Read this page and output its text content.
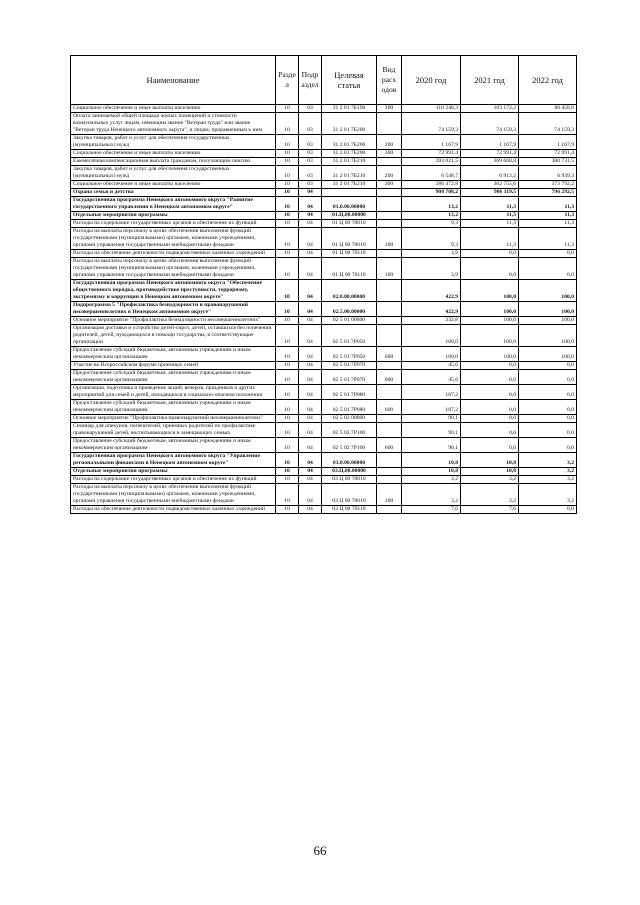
Наименование	Разде л	Подр аздел	Целевая статья	Вид расх одов	2020 год	2021 год	2022 год
Социальное обеспечение и иные выплаты населению	10	03	31 2 01 7Б190	300	110 248,3	103 172,2	80 458,6
Оплата занимаемой общей площади жилых помещений и стоимости коммунальных услуг лицам, имеющим звание "Ветеран труда" или звание "Ветеран труда Ненецкого автономного округа", и лицам, приравненным к ним	10	03	31 2 01 7Б200		74 159,3	74 159,3	74 159,3
Закупка товаров, работ и услуг для обеспечения государственных (муниципальных) нужд	10	03	31 2 01 7Б200	200	1 167,9	1 167,9	1 167,9
Социальное обеспечение и иные выплаты населению	10	03	31 2 01 7Б200	300	72 991,4	72 991,4	72 991,4
Ежемесячная компенсационная выплата гражданам, получающим пенсию	10	03	31 2 01 7Б210		393 021,5	369 668,8	380 731,5
Закупка товаров, работ и услуг для обеспечения государственных (муниципальных) нужд	10	03	31 2 01 7Б210	200	6 548,7	6 913,2	6 939,3
Социальное обеспечение и иные выплаты населению	10	03	31 2 01 7Б210	300	386 472,8	362 755,6	373 792,2
Охрана семьи и детства	10	04			908 708,2	906 119,5	796 292,5
Государственная программа Ненецкого автономного округа "Развитие государственного управления в Ненецком автономном округе"	10	04	01.0.00.00000		13,2	11,3	11,3
Отдельные мероприятия программы	10	04	01.Ц.00.00000		13,2	11,3	11,3
Расходы на содержание государственных органов и обеспечение их функций	10	04	01 Ц 00 70010		9,3	11,3	11,3
Расходы на выплаты персоналу в целях обеспечения выполнения функций государственными (муниципальными) органами, казенными учреждениями, органами управления государственными внебюджетными фондами	10	04	01 Ц 00 70010	100	9,3	11,3	11,3
Расходы на обеспечение деятельности подведомственных казенных учреждений	10	04	01 Ц 00 70110		3,9	0,0	0,0
Расходы на выплаты персоналу в целях обеспечения выполнения функций государственными (муниципальными) органами, казенными учреждениями, органами управления государственными внебюджетными фондами	10	04	01 Ц 00 70110	100	3,9	0,0	0,0
Государственная программа Ненецкого автономного округа "Обеспечение общественного порядка, противодействие преступности, терроризму, экстремизму и коррупции в Ненецком автономном округе"	10	04	02.0.00.00000		422,9	100,0	100,0
Подпрограмма 5 "Профилактика безнадзорности и правонарушений несовершеннолетних в Ненецком автономном округе"	10	04	02.5.00.00000		422,9	100,0	100,0
Основное мероприятие "Профилактика безнадзорности несовершеннолетних"	10	04	02 5 01 00000		332,8	100,0	100,0
Организация доставки и устройство детей-сирот, детей, оставшихся без попечения родителей, детей, нуждающихся в помощи государства, в соответствующие организации	10	04	02 5 01 7Р050		100,0	100,0	100,0
Предоставление субсидий бюджетным, автономным учреждениям и иным некоммерческим организациям	10	04	02 5 01 7Р050	600	100,0	100,0	100,0
Участие во Всероссийском форуме приемных семей	10	04	02 5 01 7Р070		45,6	0,0	0,0
Предоставление субсидий бюджетным, автономным учреждениям и иным некоммерческим организациям	10	04	02 5 01 7Р070	600	45,6	0,0	0,0
Организация, подготовка и проведение акций, вечеров, праздников и других мероприятий для семей и детей, находящихся в социально-опасном положении	10	04	02 5 01 7Р080		187,2	0,0	0,0
Предоставление субсидий бюджетным, автономным учреждениям и иным некоммерческим организациям	10	04	02 5 01 7Р080	600	187,2	0,0	0,0
Основное мероприятие "Профилактика правонарушений несовершеннолетних"	10	04	02 5 02 00000		90,1	0,0	0,0
Семинар для опекунов, попечителей, приемных родителей по профилактике правонарушений детей, воспитывающихся в замещающих семьях	10	04	02 5 02 7Р100		90,1	0,0	0,0
Предоставление субсидий бюджетным, автономным учреждениям и иным некоммерческим организациям	10	04	02 5 02 7Р100	600	90,1	0,0	0,0
Государственная программа Ненецкого автономного округа "Управление региональными финансами в Ненецком автономном округе"	10	04	03.0.00.00000		10,8	10,8	3,2
Отдельные мероприятия программы	10	04	03.Ц.00.00000		10,8	10,8	3,2
Расходы на содержание государственных органов и обеспечение их функций	10	04	03 Ц 00 70010		3,2	3,2	3,2
Расходы на выплаты персоналу в целях обеспечения выполнения функций государственными (муниципальными) органами, казенными учреждениями, органами управления государственными внебюджетными фондами	10	04	03 Ц 00 70010	100	3,2	3,2	3,2
Расходы на обеспечение деятельности подведомственных казенных учреждений	10	04	03 Ц 00 70110		7,6	7,6	0,0
66
